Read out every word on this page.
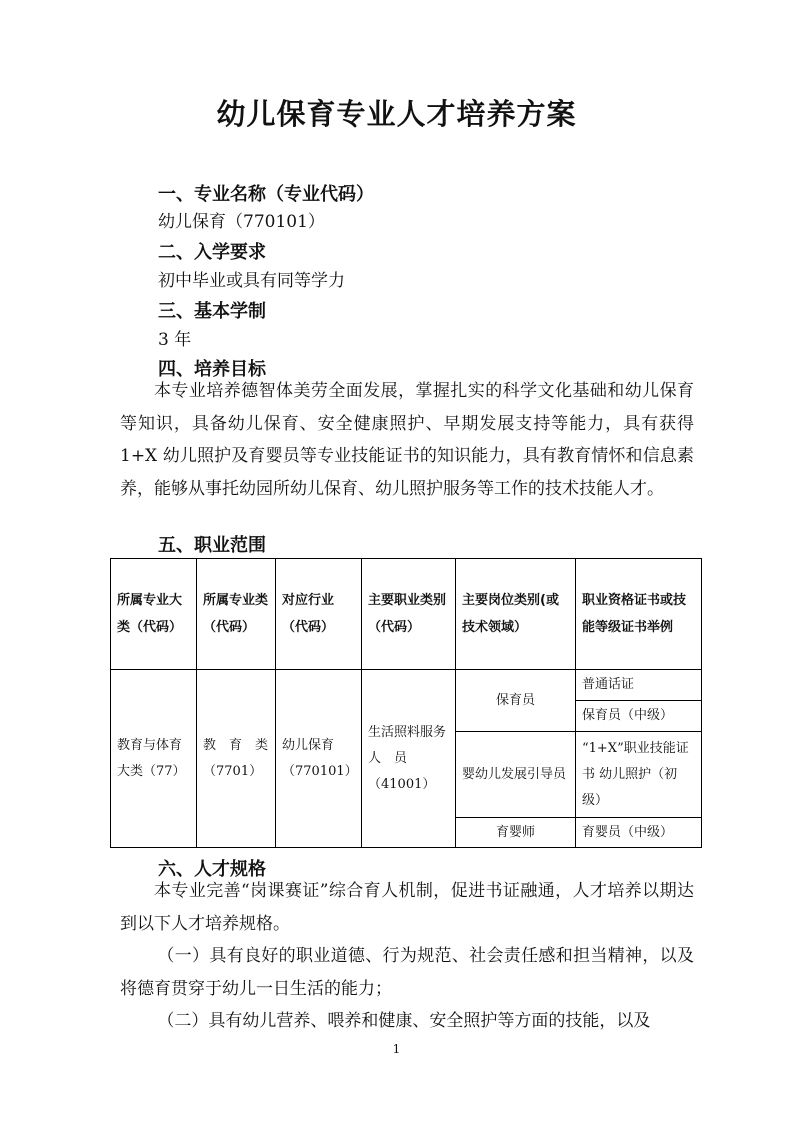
幼儿保育专业人才培养方案
一、专业名称（专业代码）
幼儿保育（770101）
二、入学要求
初中毕业或具有同等学力
三、基本学制
3 年
四、培养目标

本专业培养德智体美劳全面发展，掌握扎实的科学文化基础和幼儿保育等知识，具备幼儿保育、安全健康照护、早期发展支持等能力，具有获得 1+X 幼儿照护及育婴员等专业技能证书的知识能力，具有教育情怀和信息素养，能够从事托幼园所幼儿保育、幼儿照护服务等工作的技术技能人才。

五、职业范围
所属专业大类（代码）	所属专业类（代码）	对应行业（代码）	主要职业类别（代码）	主要岗位类别(或技术领域）	职业资格证书或技能等级证书举例
教育与体育大类（77）	教　育　类（7701）	幼儿保育（770101）	生活照料服务　人　员（41001）	保育员	普通话证
					保育员（中级）
				婴幼儿发展引导员	“1+X”职业技能证书 幼儿照护（初级）
				育婴师	育婴员（中级）
六、人才规格

本专业完善“岗课赛证”综合育人机制，促进书证融通，人才培养以期达到以下人才培养规格。

（一）具有良好的职业道德、行为规范、社会责任感和担当精神，以及将德育贯穿于幼儿一日生活的能力；

（二）具有幼儿营养、喂养和健康、安全照护等方面的技能，以及

1
